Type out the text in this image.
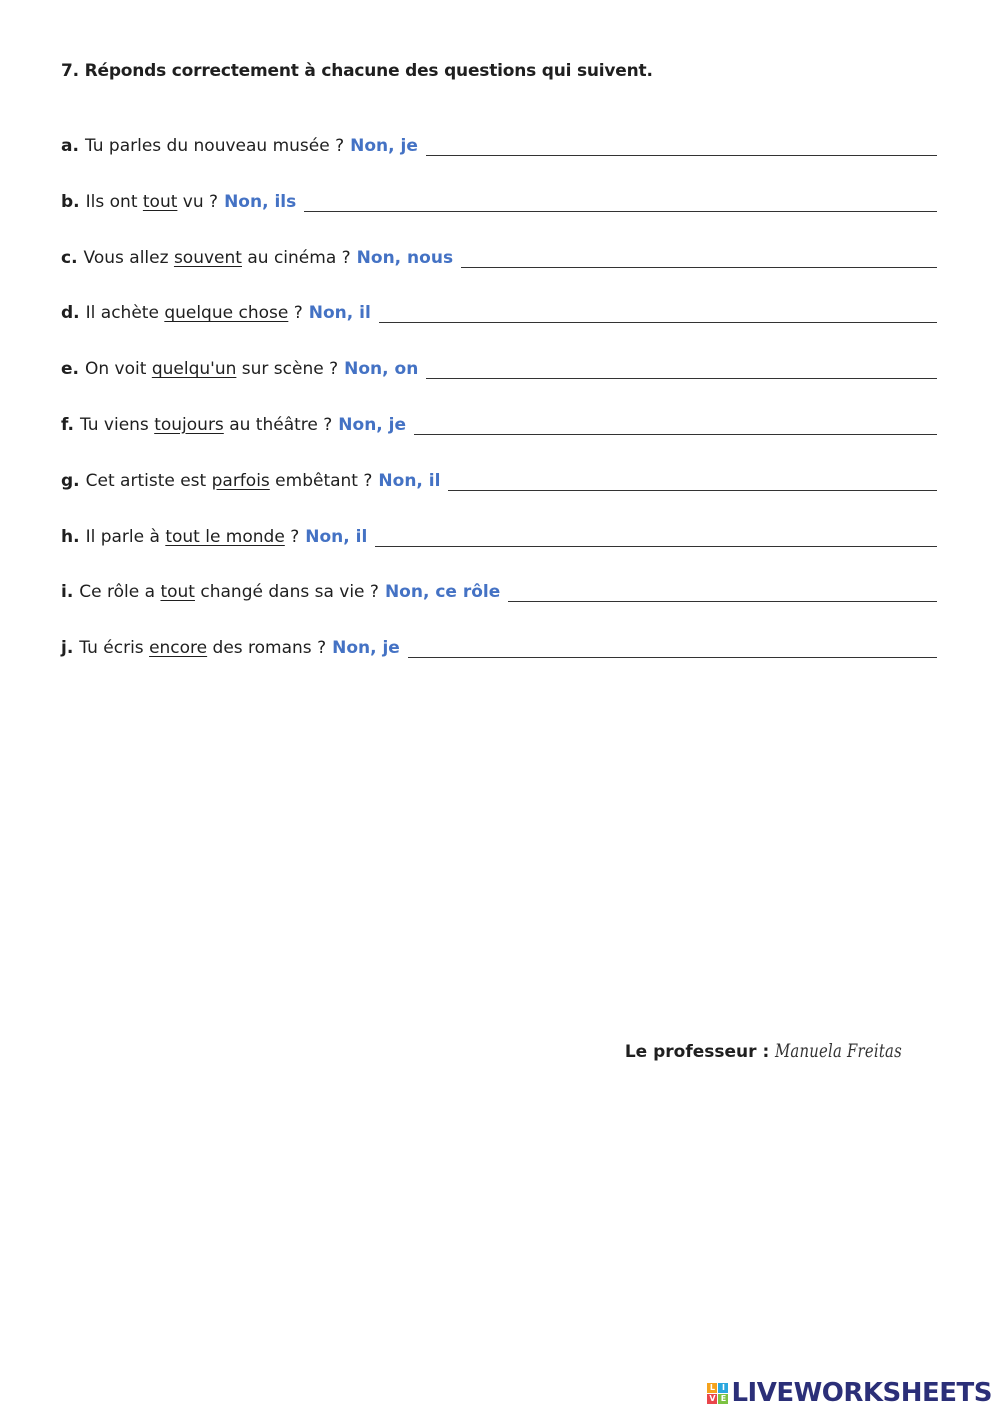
7. Réponds correctement à chacune des questions qui suivent.
a. Tu parles du nouveau musée ? Non, je
b. Ils ont tout vu ? Non, ils
c. Vous allez souvent au cinéma ? Non, nous
d. Il achète quelque chose ? Non, il
e. On voit quelqu'un sur scène ? Non, on
f. Tu viens toujours au théâtre ? Non, je
g. Cet artiste est parfois embêtant ? Non, il
h. Il parle à tout le monde ? Non, il
i. Ce rôle a tout changé dans sa vie ? Non, ce rôle
j. Tu écris encore des romans ? Non, je
Le professeur : Manuela Freitas
L I
V E LIVEWORKSHEETS
